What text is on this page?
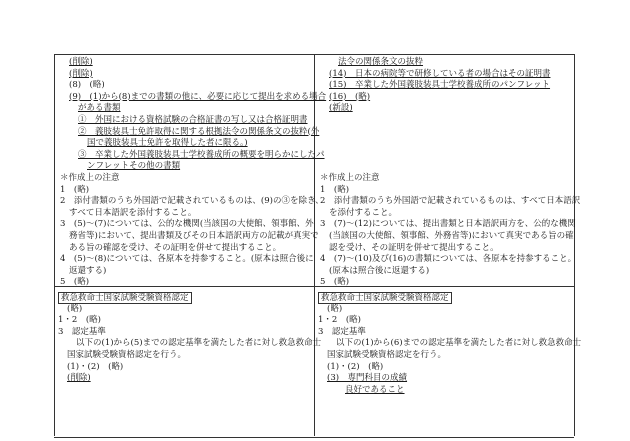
(削除)
(削除)
(8)　(略)
(9)　(1)から(8)までの書類の他に、必要に応じて提出を求める場合
がある書類
①　外国における資格試験の合格証書の写し又は合格証明書
②　義肢装具士免許取得に関する根拠法令の関係条文の抜粋(外
国で義肢装具士免許を取得した者に限る。)
③　卒業した外国義肢装具士学校養成所の概要を明らかにしたパ
ンフレットその他の書類
＊作成上の注意
1　(略)
2　添付書類のうち外国語で記載されているものは、(9)の③を除き、
すべて日本語訳を添付すること。
3　(5)～(7)については、公的な機関(当該国の大使館、領事館、外
務省等)において、提出書類及びその日本語訳両方の記載が真実で
ある旨の確認を受け、その証明を併せて提出すること。
4　(5)～(8)については、各原本を持参すること。(原本は照合後に
返還する)
5　(略)
法令の関係条文の抜粋
(14)　日本の病院等で研修している者の場合はその証明書
(15)　卒業した外国義肢装具士学校養成所のパンフレット
(16)　(略)
(新設)
＊作成上の注意
1　(略)
2　添付書類のうち外国語で記載されているものは、すべて日本語訳
を添付すること。
3　(7)～(12)については、提出書類と日本語訳両方を、公的な機関
(当該国の大使館、領事館、外務省等)において真実である旨の確
認を受け、その証明を併せて提出すること。
4　(7)～(10)及び(16)の書類については、各原本を持参すること。
(原本は照合後に返還する)
5　(略)
救急救命士国家試験受験資格認定
(略)
1・2　(略)
3　認定基準
以下の(1)から(5)までの認定基準を満たした者に対し救急救命士
国家試験受験資格認定を行う。
(1)・(2)　(略)
(削除)
救急救命士国家試験受験資格認定
(略)
1・2　(略)
3　認定基準
以下の(1)から(6)までの認定基準を満たした者に対し救急救命士
国家試験受験資格認定を行う。
(1)・(2)　(略)
(3)　専門科目の成績
良好であること
